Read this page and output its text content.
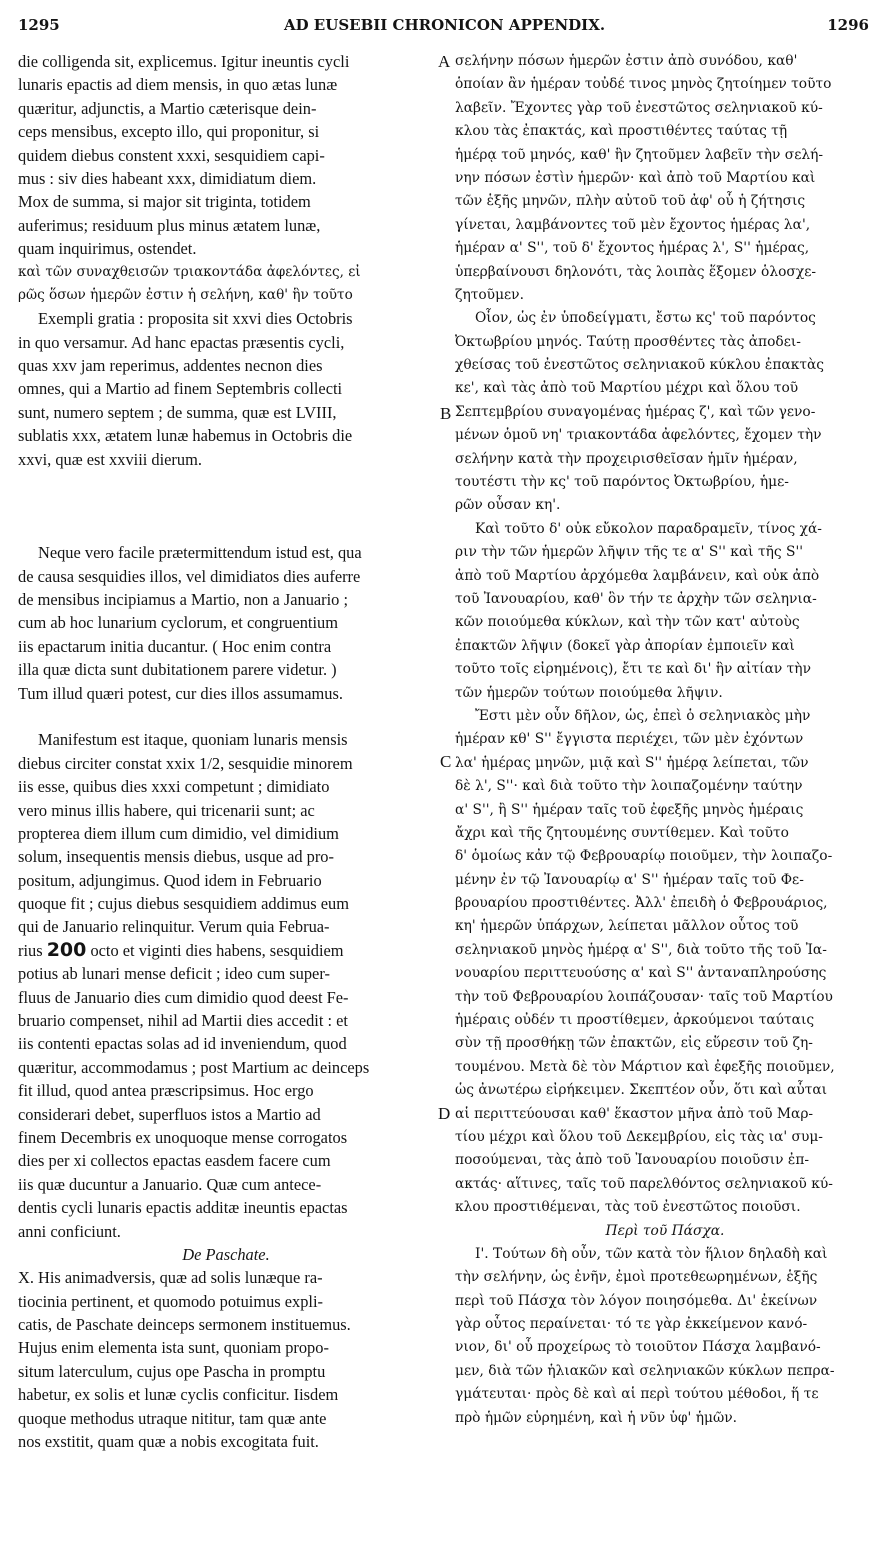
AD EUSEBII CHRONICON APPENDIX.
1295	1296
A
B
C
D
die colligenda sit, explicemus. Igitur ineuntis cycli
lunaris epactis ad diem mensis, in quo ætas lunæ
quæritur, adjunctis, a Martio cæterisque dein-
ceps mensibus, excepto illo, qui proponitur, si
quidem diebus constent xxxi, sesquidiem capi-
mus : siv dies habeant xxx, dimidiatum diem.
Mox de summa, si major sit triginta, totidem
auferimus; residuum plus minus ætatem lunæ,
quam inquirimus, ostendet.
καὶ τῶν συναχθεισῶν τριακοντάδα ἀφελόντες, εἰ
ρῶς ὅσων ἡμερῶν ἐστιν ἡ σελήνη, καθ' ἣν τοῦτο
Exempli gratia : proposita sit xxvi dies Octobris
in quo versamur. Ad hanc epactas præsentis cycli,
quas xxv jam reperimus, addentes necnon dies
omnes, qui a Martio ad finem Septembris collecti
sunt, numero septem ; de summa, quæ est LVIII,
sublatis xxx, ætatem lunæ habemus in Octobris die
xxvi, quæ est xxviii dierum.
Neque vero facile prætermittendum istud est, qua
de causa sesquidies illos, vel dimidiatos dies auferre
de mensibus incipiamus a Martio, non a Januario ;
cum ab hoc lunarium cyclorum, et congruentium
iis epactarum initia ducantur. ( Hoc enim contra
illa quæ dicta sunt dubitationem parere videtur. )
Tum illud quæri potest, cur dies illos assumamus.
Manifestum est itaque, quoniam lunaris mensis
diebus circiter constat xxix 1/2, sesquidie minorem
iis esse, quibus dies xxxi competunt ; dimidiato
vero minus illis habere, qui tricenarii sunt; ac
propterea diem illum cum dimidio, vel dimidium
solum, insequentis mensis diebus, usque ad pro-
positum, adjungimus. Quod idem in Februario
quoque fit ; cujus diebus sesquidiem addimus eum
qui de Januario relinquitur. Verum quia Februa-
rius 200 octo et viginti dies habens, sesquidiem
potius ab lunari mense deficit ; ideo cum super-
fluus de Januario dies cum dimidio quod deest Fe-
bruario compenset, nihil ad Martii dies accedit : et
iis contenti epactas solas ad id inveniendum, quod
quæritur, accommodamus ; post Martium ac deinceps
fit illud, quod antea præscripsimus. Hoc ergo
considerari debet, superfluos istos a Martio ad
finem Decembris ex unoquoque mense corrogatos
dies per xi collectos epactas easdem facere cum
iis quæ ducuntur a Januario. Quæ cum antece-
dentis cycli lunaris epactis additæ ineuntis epactas
anni conficiunt.
De Paschate.
X. His animadversis, quæ ad solis lunæque ra-
tiocinia pertinent, et quomodo potuimus expli-
catis, de Paschate deinceps sermonem instituemus.
Hujus enim elementa ista sunt, quoniam propo-
situm laterculum, cujus ope Pascha in promptu
habetur, ex solis et lunæ cyclis conficitur. Iisdem
quoque methodus utraque nititur, tam quæ ante
nos exstitit, quam quæ a nobis excogitata fuit.
σελήνην πόσων ἡμερῶν ἐστιν ἀπὸ συνόδου, καθ'
ὁποίαν ἂν ἡμέραν τοὐδέ τινος μηνὸς ζητοίημεν τοῦτο
λαβεῖν. Ἔχοντες γὰρ τοῦ ἐνεστῶτος σεληνιακοῦ κύ-
κλου τὰς ἐπακτάς, καὶ προστιθέντες ταύτας τῇ
ἡμέρᾳ τοῦ μηνός, καθ' ἣν ζητοῦμεν λαβεῖν τὴν σελή-
νην πόσων ἐστὶν ἡμερῶν· καὶ ἀπὸ τοῦ Μαρτίου καὶ
τῶν ἑξῆς μηνῶν, πλὴν αὐτοῦ τοῦ ἀφ' οὗ ἡ ζήτησις
γίνεται, λαμβάνοντες τοῦ μὲν ἔχοντος ἡμέρας λα',
ἡμέραν α' S'', τοῦ δ' ἔχοντος ἡμέρας λ', S'' ἡμέρας,
ὑπερβαίνουσι δηλονότι, τὰς λοιπὰς ἕξομεν ὁλοσχε-
ζητοῦμεν.
Οἷον, ὡς ἐν ὑποδείγματι, ἔστω κς' τοῦ παρόντος
Ὀκτωβρίου μηνός. Ταύτῃ προσθέντες τὰς ἀποδει-
χθείσας τοῦ ἐνεστῶτος σεληνιακοῦ κύκλου ἐπακτὰς
κε', καὶ τὰς ἀπὸ τοῦ Μαρτίου μέχρι καὶ ὅλου τοῦ
Σεπτεμβρίου συναγομένας ἡμέρας ζ', καὶ τῶν γενο-
μένων ὁμοῦ νη' τριακοντάδα ἀφελόντες, ἔχομεν τὴν
σελήνην κατὰ τὴν προχειρισθεῖσαν ἡμῖν ἡμέραν,
τουτέστι τὴν κς' τοῦ παρόντος Ὀκτωβρίου, ἡμε-
ρῶν οὖσαν κη'.
Καὶ τοῦτο δ' οὐκ εὔκολον παραδραμεῖν, τίνος χά-
ριν τὴν τῶν ἡμερῶν λῆψιν τῆς τε α' S'' καὶ τῆς S''
ἀπὸ τοῦ Μαρτίου ἀρχόμεθα λαμβάνειν, καὶ οὐκ ἀπὸ
τοῦ Ἰανουαρίου, καθ' ὃν τήν τε ἀρχὴν τῶν σεληνια-
κῶν ποιούμεθα κύκλων, καὶ τὴν τῶν κατ' αὐτοὺς
ἐπακτῶν λῆψιν (δοκεῖ γὰρ ἀπορίαν ἐμποιεῖν καὶ
τοῦτο τοῖς εἰρημένοις), ἔτι τε καὶ δι' ἣν αἰτίαν τὴν
τῶν ἡμερῶν τούτων ποιούμεθα λῆψιν.
Ἔστι μὲν οὖν δῆλον, ὡς, ἐπεὶ ὁ σεληνιακὸς μὴν
ἡμέραν κθ' S'' ἔγγιστα περιέχει, τῶν μὲν ἐχόντων
λα' ἡμέρας μηνῶν, μιᾷ καὶ S'' ἡμέρᾳ λείπεται, τῶν
δὲ λ', S''· καὶ διὰ τοῦτο τὴν λοιπαζομένην ταύτην
α' S'', ἢ S'' ἡμέραν ταῖς τοῦ ἐφεξῆς μηνὸς ἡμέραις
ἄχρι καὶ τῆς ζητουμένης συντίθεμεν. Καὶ τοῦτο
δ' ὁμοίως κἀν τῷ Φεβρουαρίῳ ποιοῦμεν, τὴν λοιπαζο-
μένην ἐν τῷ Ἰανουαρίῳ α' S'' ἡμέραν ταῖς τοῦ Φε-
βρουαρίου προστιθέντες. Ἀλλ' ἐπειδὴ ὁ Φεβρουάριος,
κη' ἡμερῶν ὑπάρχων, λείπεται μᾶλλον οὗτος τοῦ
σεληνιακοῦ μηνὸς ἡμέρᾳ α' S'', διὰ τοῦτο τῆς τοῦ Ἰα-
νουαρίου περιττευούσης α' καὶ S'' ἀνταναπληρούσης
τὴν τοῦ Φεβρουαρίου λοιπάζουσαν· ταῖς τοῦ Μαρτίου
ἡμέραις οὐδέν τι προστίθεμεν, ἀρκούμενοι ταύταις
σὺν τῇ προσθήκῃ τῶν ἐπακτῶν, εἰς εὕρεσιν τοῦ ζη-
τουμένου. Μετὰ δὲ τὸν Μάρτιον καὶ ἐφεξῆς ποιοῦμεν,
ὡς ἀνωτέρω εἰρήκειμεν. Σκεπτέον οὖν, ὅτι καὶ αὗται
αἱ περιττεύουσαι καθ' ἕκαστον μῆνα ἀπὸ τοῦ Μαρ-
τίου μέχρι καὶ ὅλου τοῦ Δεκεμβρίου, εἰς τὰς ια' συμ-
ποσούμεναι, τὰς ἀπὸ τοῦ Ἰανουαρίου ποιοῦσιν ἐπ-
ακτάς· αἵτινες, ταῖς τοῦ παρελθόντος σεληνιακοῦ κύ-
κλου προστιθέμεναι, τὰς τοῦ ἐνεστῶτος ποιοῦσι.
Περὶ τοῦ Πάσχα.
Ι'. Τούτων δὴ οὖν, τῶν κατὰ τὸν ἥλιον δηλαδὴ καὶ
τὴν σελήνην, ὡς ἐνῆν, ἐμοὶ προτεθεωρημένων, ἑξῆς
περὶ τοῦ Πάσχα τὸν λόγον ποιησόμεθα. Δι' ἐκείνων
γὰρ οὗτος περαίνεται· τό τε γὰρ ἐκκείμενον κανό-
νιον, δι' οὗ προχείρως τὸ τοιοῦτον Πάσχα λαμβανό-
μεν, διὰ τῶν ἡλιακῶν καὶ σεληνιακῶν κύκλων πεπρα-
γμάτευται· πρὸς δὲ καὶ αἱ περὶ τούτου μέθοδοι, ἥ τε
πρὸ ἡμῶν εὑρημένη, καὶ ἡ νῦν ὑφ' ἡμῶν.
